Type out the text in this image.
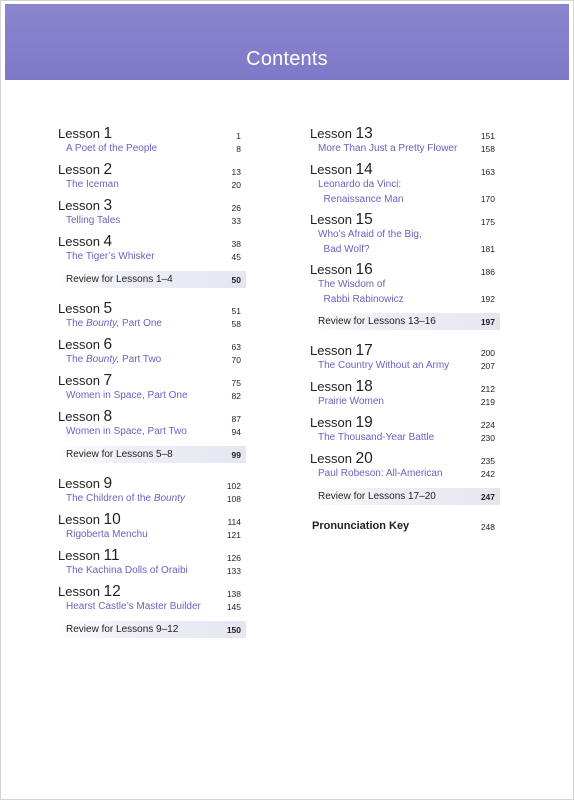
Contents
Lesson 1	1
A Poet of the People	8
Lesson 2	13
The Iceman	20
Lesson 3	26
Telling Tales	33
Lesson 4	38
The Tiger’s Whisker	45
Review for Lessons 1–4	50
Lesson 5	51
The Bounty, Part One	58
Lesson 6	63
The Bounty, Part Two	70
Lesson 7	75
Women in Space, Part One	82
Lesson 8	87
Women in Space, Part Two	94
Review for Lessons 5–8	99
Lesson 9	102
The Children of the Bounty	108
Lesson 10	114
Rigoberta Menchu	121
Lesson 11	126
The Kachina Dolls of Oraibi	133
Lesson 12	138
Hearst Castle’s Master Builder	145
Review for Lessons 9–12	150
Lesson 13	151
More Than Just a Pretty Flower	158
Lesson 14	163
Leonardo da Vinci:
Renaissance Man	170
Lesson 15	175
Who’s Afraid of the Big,
Bad Wolf?	181
Lesson 16	186
The Wisdom of
Rabbi Rabinowicz	192
Review for Lessons 13–16	197
Lesson 17	200
The Country Without an Army	207
Lesson 18	212
Prairie Women	219
Lesson 19	224
The Thousand-Year Battle	230
Lesson 20	235
Paul Robeson: All-American	242
Review for Lessons 17–20	247
Pronunciation Key	248
